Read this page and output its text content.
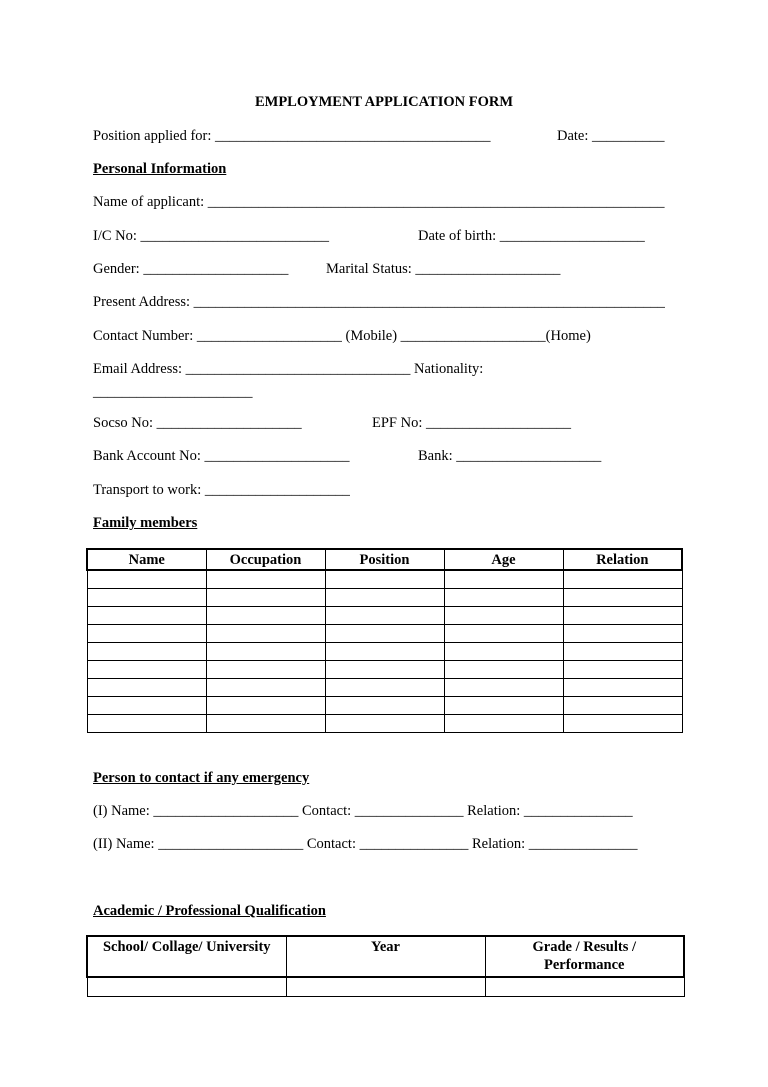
EMPLOYMENT APPLICATION FORM
Position applied for: ______________________________________	Date: __________
Personal Information
Name of applicant: _______________________________________________________________
I/C No: __________________________	Date of birth: ____________________
Gender: ____________________	Marital Status: ____________________
Present Address: _________________________________________________________________
Contact Number: ____________________ (Mobile) ____________________(Home)
Email Address: _______________________________ Nationality:
______________________
Socso No: ____________________	EPF No: ____________________
Bank Account No: ____________________	Bank: ____________________
Transport to work: ____________________
Family members
Name	Occupation	Position	Age	Relation

Person to contact if any emergency
(I) Name: ____________________ Contact: _______________ Relation: _______________
(II) Name: ____________________ Contact: _______________ Relation: _______________
Academic / Professional Qualification
School/ Collage/ University	Year	Grade / Results /
Performance
